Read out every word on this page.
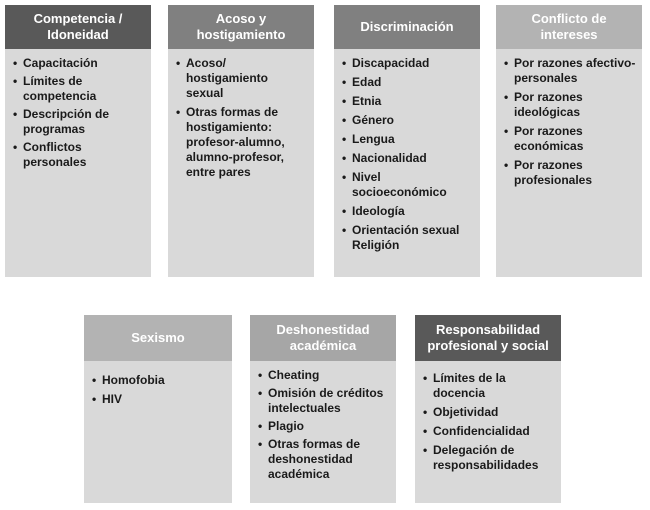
Competencia /
Idoneidad
• Capacitación
• Límites de competencia
• Descripción de programas
• Conflictos personales
Acoso y
hostigamiento
• Acoso/ hostigamiento sexual
• Otras formas de hostigamiento: profesor-alumno, alumno-profesor, entre pares
Discriminación
• Discapacidad
• Edad
• Etnia
• Género
• Lengua
• Nacionalidad
• Nivel socioeconómico
• Ideología
• Orientación sexual
Religión
Conflicto de
intereses
• Por razones afectivo-personales
• Por razones ideológicas
• Por razones económicas
• Por razones profesionales
Sexismo
• Homofobia
• HIV
Deshonestidad
académica
• Cheating
• Omisión de créditos intelectuales
• Plagio
• Otras formas de deshonestidad académica
Responsabilidad
profesional y social
• Límites de la docencia
• Objetividad
• Confidencialidad
• Delegación de responsabilidades
